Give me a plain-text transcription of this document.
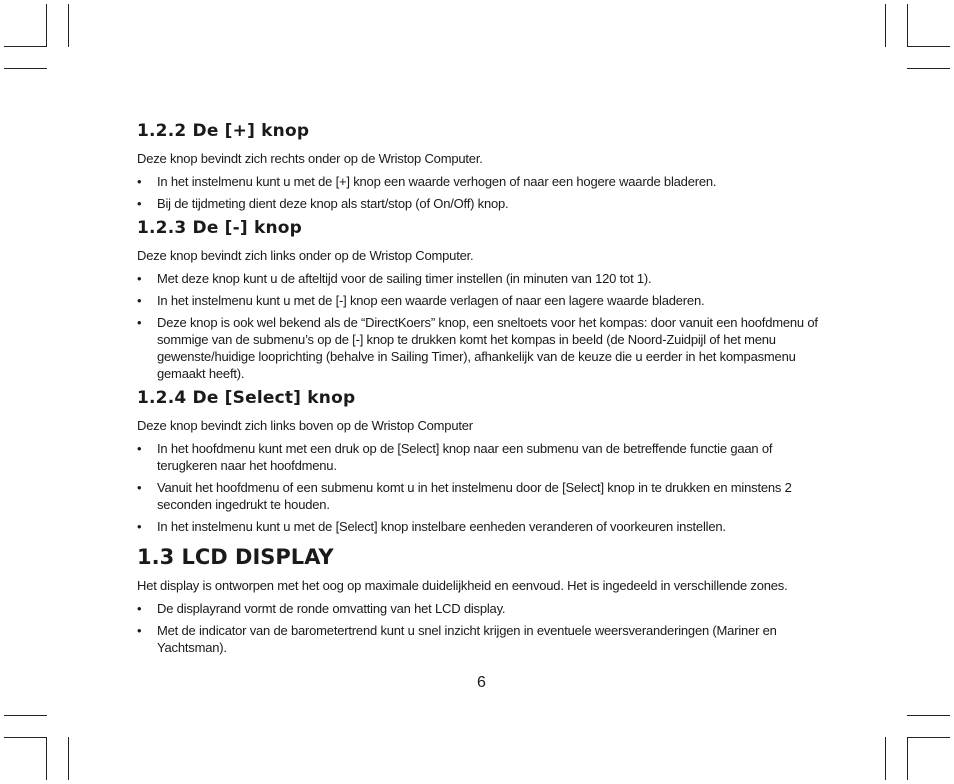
1.2.2 De [+] knop

Deze knop bevindt zich rechts onder op de Wristop Computer.

• In het instelmenu kunt u met de [+] knop een waarde verhogen of naar een hogere waarde bladeren.
• Bij de tijdmeting dient deze knop als start/stop (of On/Off) knop.
1.2.3 De [-] knop

Deze knop bevindt zich links onder op de Wristop Computer.

• Met deze knop kunt u de afteltijd voor de sailing timer instellen (in minuten van 120 tot 1).
• In het instelmenu kunt u met de [-] knop een waarde verlagen of naar een lagere waarde bladeren.
• Deze knop is ook wel bekend als de “DirectKoers” knop, een sneltoets voor het kompas: door vanuit een hoofdmenu of sommige van de submenu’s op de [-] knop te drukken komt het kompas in beeld (de Noord-Zuidpijl of het menu gewenste/huidige looprichting (behalve in Sailing Timer), afhankelijk van de keuze die u eerder in het kompasmenu gemaakt heeft).
1.2.4 De [Select] knop

Deze knop bevindt zich links boven op de Wristop Computer

• In het hoofdmenu kunt met een druk op de [Select] knop naar een submenu van de betreffende functie gaan of terugkeren naar het hoofdmenu.
• Vanuit het hoofdmenu of een submenu komt u in het instelmenu door de [Select] knop in te drukken en minstens 2 seconden ingedrukt te houden.
• In het instelmenu kunt u met de [Select] knop instelbare eenheden veranderen of voorkeuren instellen.
1.3 LCD DISPLAY

Het display is ontworpen met het oog op maximale duidelijkheid en eenvoud. Het is ingedeeld in verschillende zones.

• De displayrand vormt de ronde omvatting van het LCD display.
• Met de indicator van de barometertrend kunt u snel inzicht krijgen in eventuele weersveranderingen (Mariner en Yachtsman).
6
